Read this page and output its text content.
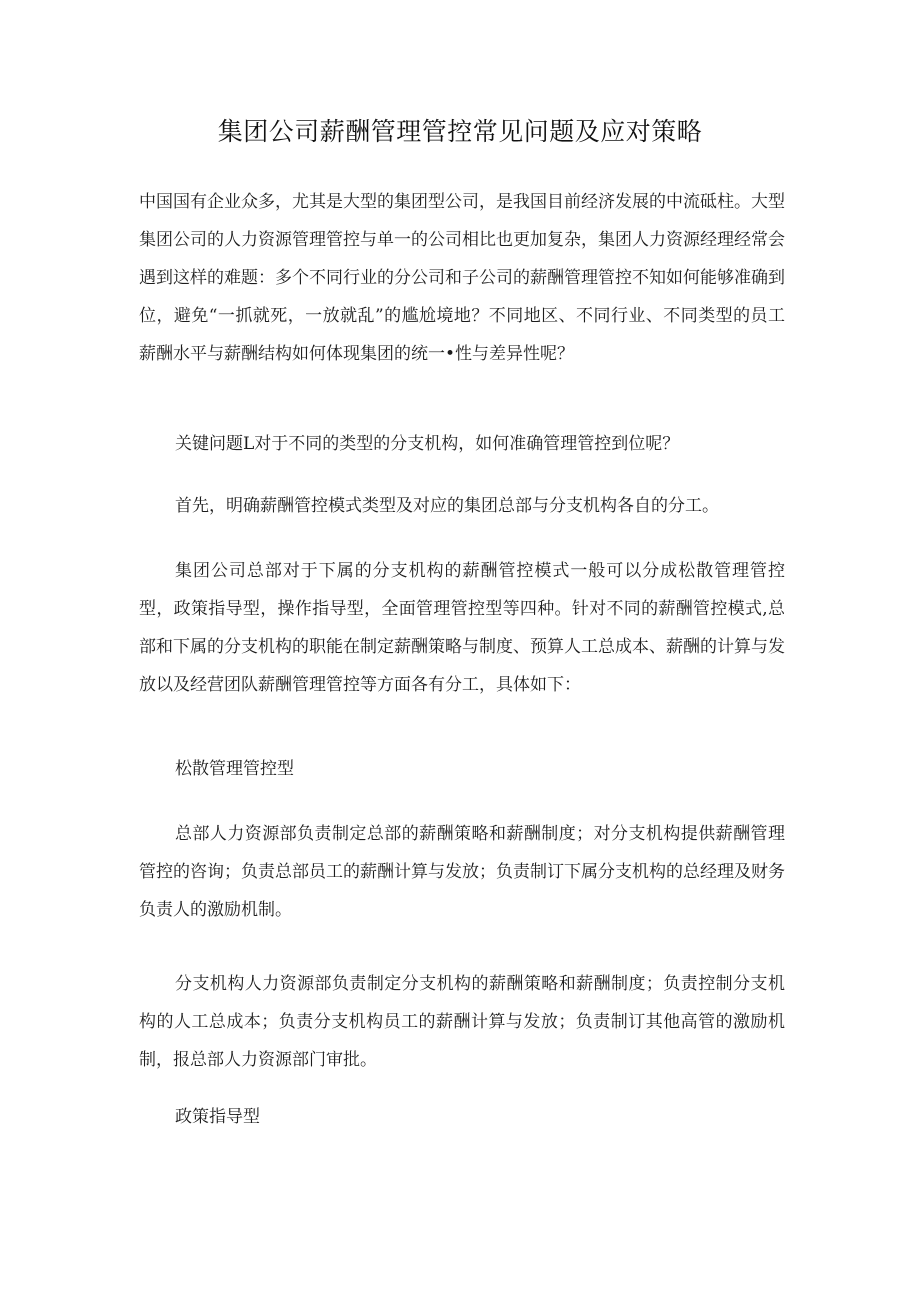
集团公司薪酬管理管控常见问题及应对策略

中国国有企业众多，尤其是大型的集团型公司，是我国目前经济发展的中流砥柱。大型集团公司的人力资源管理管控与单一的公司相比也更加复杂，集团人力资源经理经常会遇到这样的难题：多个不同行业的分公司和子公司的薪酬管理管控不知如何能够准确到位，避免“一抓就死，一放就乱”的尴尬境地？不同地区、不同行业、不同类型的员工薪酬水平与薪酬结构如何体现集团的统一•性与差异性呢？

关键问题L对于不同的类型的分支机构，如何准确管理管控到位呢？

首先，明确薪酬管控模式类型及对应的集团总部与分支机构各自的分工。

集团公司总部对于下属的分支机构的薪酬管控模式一般可以分成松散管理管控型，政策指导型，操作指导型，全面管理管控型等四种。针对不同的薪酬管控模式,总部和下属的分支机构的职能在制定薪酬策略与制度、预算人工总成本、薪酬的计算与发放以及经营团队薪酬管理管控等方面各有分工，具体如下：

松散管理管控型

总部人力资源部负责制定总部的薪酬策略和薪酬制度；对分支机构提供薪酬管理管控的咨询；负责总部员工的薪酬计算与发放；负责制订下属分支机构的总经理及财务负责人的激励机制。

分支机构人力资源部负责制定分支机构的薪酬策略和薪酬制度；负责控制分支机构的人工总成本；负责分支机构员工的薪酬计算与发放；负责制订其他高管的激励机制，报总部人力资源部门审批。

政策指导型
